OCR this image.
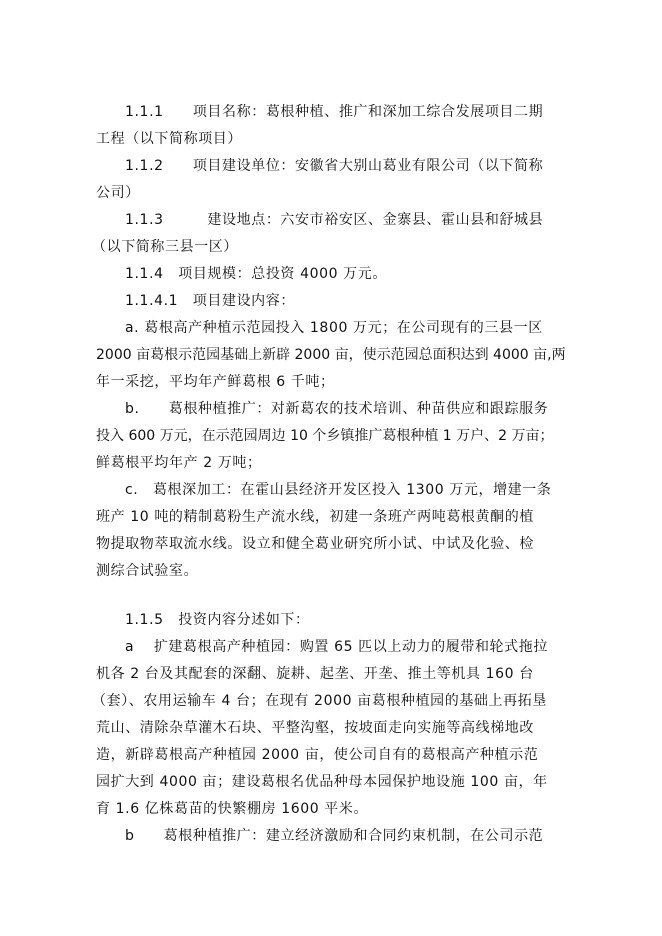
1.1.1　　项目名称：葛根种植、推广和深加工综合发展项目二期
工程（以下简称项目）
1.1.2　　项目建设单位：安徽省大别山葛业有限公司（以下简称
公司）
1.1.3　　　建设地点：六安市裕安区、金寨县、霍山县和舒城县
（以下简称三县一区）
1.1.4　项目规模：总投资 4000 万元。
1.1.4.1　项目建设内容：
a. 葛根高产种植示范园投入 1800 万元；在公司现有的三县一区
2000 亩葛根示范园基础上新辟 2000 亩，使示范园总面积达到 4000 亩,两
年一采挖，平均年产鲜葛根 6 千吨；
b.　　葛根种植推广：对新葛农的技术培训、种苗供应和跟踪服务
投入 600 万元，在示范园周边 10 个乡镇推广葛根种植 1 万户、2 万亩；
鲜葛根平均年产 2 万吨；
c.　葛根深加工：在霍山县经济开发区投入 1300 万元，增建一条
班产 10 吨的精制葛粉生产流水线，初建一条班产两吨葛根黄酮的植
物提取物萃取流水线。设立和健全葛业研究所小试、中试及化验、检
测综合试验室。
1.1.5　投资内容分述如下：
a　 扩建葛根高产种植园：购置 65 匹以上动力的履带和轮式拖拉
机各 2 台及其配套的深翻、旋耕、起垄、开垄、推土等机具 160 台
（套）、农用运输车 4 台；在现有 2000 亩葛根种植园的基础上再拓垦
荒山、清除杂草灌木石块、平整沟壑，按坡面走向实施等高线梯地改
造，新辟葛根高产种植园 2000 亩，使公司自有的葛根高产种植示范
园扩大到 4000 亩；建设葛根名优品种母本园保护地设施 100 亩，年
育 1.6 亿株葛苗的快繁棚房 1600 平米。
b　　葛根种植推广：建立经济激励和合同约束机制，在公司示范
